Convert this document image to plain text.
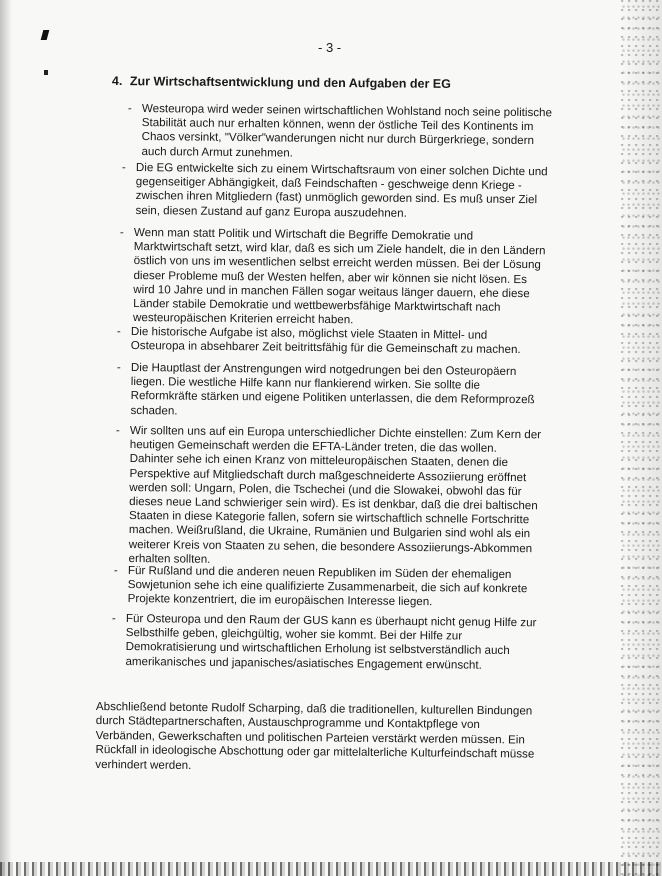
- 3 -
4. Zur Wirtschaftsentwicklung und den Aufgaben der EG
- Westeuropa wird weder seinen wirtschaftlichen Wohlstand noch seine politische
Stabilität auch nur erhalten können, wenn der östliche Teil des Kontinents im
Chaos versinkt, "Völker"wanderungen nicht nur durch Bürgerkriege, sondern
auch durch Armut zunehmen.
- Die EG entwickelte sich zu einem Wirtschaftsraum von einer solchen Dichte und
gegenseitiger Abhängigkeit, daß Feindschaften - geschweige denn Kriege -
zwischen ihren Mitgliedern (fast) unmöglich geworden sind. Es muß unser Ziel
sein, diesen Zustand auf ganz Europa auszudehnen.
- Wenn man statt Politik und Wirtschaft die Begriffe Demokratie und
Marktwirtschaft setzt, wird klar, daß es sich um Ziele handelt, die in den Ländern
östlich von uns im wesentlichen selbst erreicht werden müssen. Bei der Lösung
dieser Probleme muß der Westen helfen, aber wir können sie nicht lösen. Es
wird 10 Jahre und in manchen Fällen sogar weitaus länger dauern, ehe diese
Länder stabile Demokratie und wettbewerbsfähige Marktwirtschaft nach
westeuropäischen Kriterien erreicht haben.
- Die historische Aufgabe ist also, möglichst viele Staaten in Mittel- und
Osteuropa in absehbarer Zeit beitrittsfähig für die Gemeinschaft zu machen.
- Die Hauptlast der Anstrengungen wird notgedrungen bei den Osteuropäern
liegen. Die westliche Hilfe kann nur flankierend wirken. Sie sollte die
Reformkräfte stärken und eigene Politiken unterlassen, die dem Reformprozeß
schaden.
- Wir sollten uns auf ein Europa unterschiedlicher Dichte einstellen: Zum Kern der
heutigen Gemeinschaft werden die EFTA-Länder treten, die das wollen.
Dahinter sehe ich einen Kranz von mitteleuropäischen Staaten, denen die
Perspektive auf Mitgliedschaft durch maßgeschneiderte Assoziierung eröffnet
werden soll: Ungarn, Polen, die Tschechei (und die Slowakei, obwohl das für
dieses neue Land schwieriger sein wird). Es ist denkbar, daß die drei baltischen
Staaten in diese Kategorie fallen, sofern sie wirtschaftlich schnelle Fortschritte
machen. Weißrußland, die Ukraine, Rumänien und Bulgarien sind wohl als ein
weiterer Kreis von Staaten zu sehen, die besondere Assoziierungs-Abkommen
erhalten sollten.
- Für Rußland und die anderen neuen Republiken im Süden der ehemaligen
Sowjetunion sehe ich eine qualifizierte Zusammenarbeit, die sich auf konkrete
Projekte konzentriert, die im europäischen Interesse liegen.
- Für Osteuropa und den Raum der GUS kann es überhaupt nicht genug Hilfe zur
Selbsthilfe geben, gleichgültig, woher sie kommt. Bei der Hilfe zur
Demokratisierung und wirtschaftlichen Erholung ist selbstverständlich auch
amerikanisches und japanisches/asiatisches Engagement erwünscht.
Abschließend betonte Rudolf Scharping, daß die traditionellen, kulturellen Bindungen
durch Städtepartnerschaften, Austauschprogramme und Kontaktpflege von
Verbänden, Gewerkschaften und politischen Parteien verstärkt werden müssen. Ein
Rückfall in ideologische Abschottung oder gar mittelalterliche Kulturfeindschaft müsse
verhindert werden.
